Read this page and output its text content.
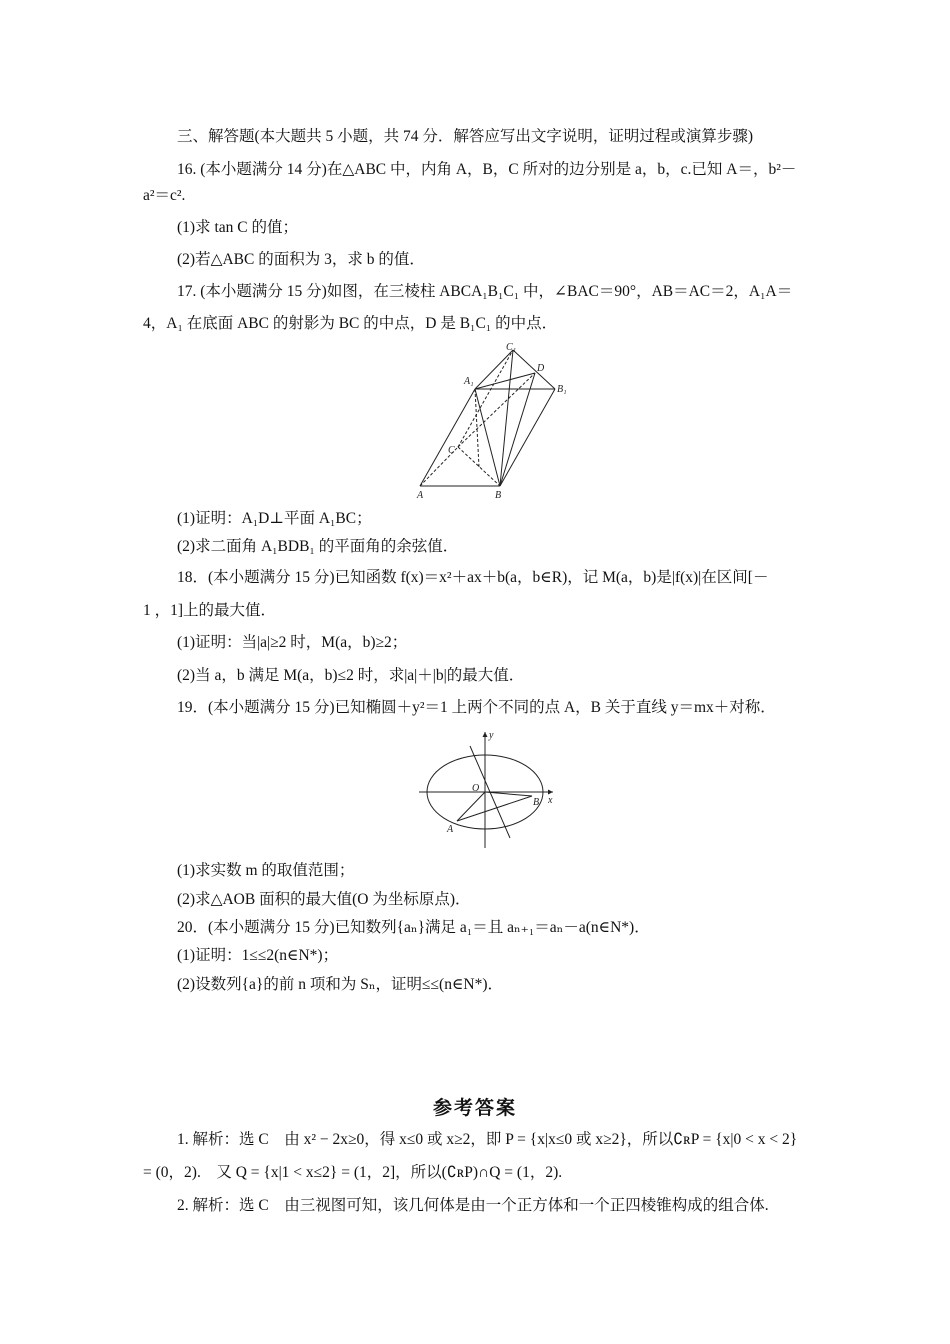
三、解答题(本大题共 5 小题，共 74 分．解答应写出文字说明，证明过程或演算步骤)
16. (本小题满分 14 分)在△ABC 中，内角 A，B，C 所对的边分别是 a，b，c.已知 A＝，b²－
a²＝c².
(1)求 tan C 的值；
(2)若△ABC 的面积为 3，求 b 的值．
17. (本小题满分 15 分)如图，在三棱柱 ABCA₁B₁C₁ 中，∠BAC＝90°，AB＝AC＝2，A₁A＝
4，A₁ 在底面 ABC 的射影为 BC 的中点，D 是 B₁C₁ 的中点．
C₁
D
A₁
B₁
C
A	B
(1)证明：A₁D⊥平面 A₁BC；
(2)求二面角 A₁BDB₁ 的平面角的余弦值．
18．(本小题满分 15 分)已知函数 f(x)＝x²＋ax＋b(a，b∈R)，记 M(a，b)是|f(x)|在区间[－
1 ，1]上的最大值．
(1)证明：当|a|≥2 时，M(a，b)≥2；
(2)当 a，b 满足 M(a，b)≤2 时，求|a|＋|b|的最大值．
19．(本小题满分 15 分)已知椭圆＋y²＝1 上两个不同的点 A，B 关于直线 y＝mx＋对称．
y
O
B x
A
(1)求实数 m 的取值范围；
(2)求△AOB 面积的最大值(O 为坐标原点)．
20．(本小题满分 15 分)已知数列{aₙ}满足 a₁＝且 aₙ₊₁＝aₙ－a(n∈N*)．
(1)证明：1≤≤2(n∈N*)；
(2)设数列{a}的前 n 项和为 Sₙ，证明≤≤(n∈N*)．
参考答案
1. 解析：选 C　由 x² − 2x≥0，得 x≤0 或 x≥2，即 P = {x|x≤0 或 x≥2}，所以∁ʀP = {x|0 < x < 2}
= (0，2).　又 Q = {x|1 < x≤2} = (1，2]，所以(∁ʀP)∩Q = (1，2).
2. 解析：选 C　由三视图可知，该几何体是由一个正方体和一个正四棱锥构成的组合体.
